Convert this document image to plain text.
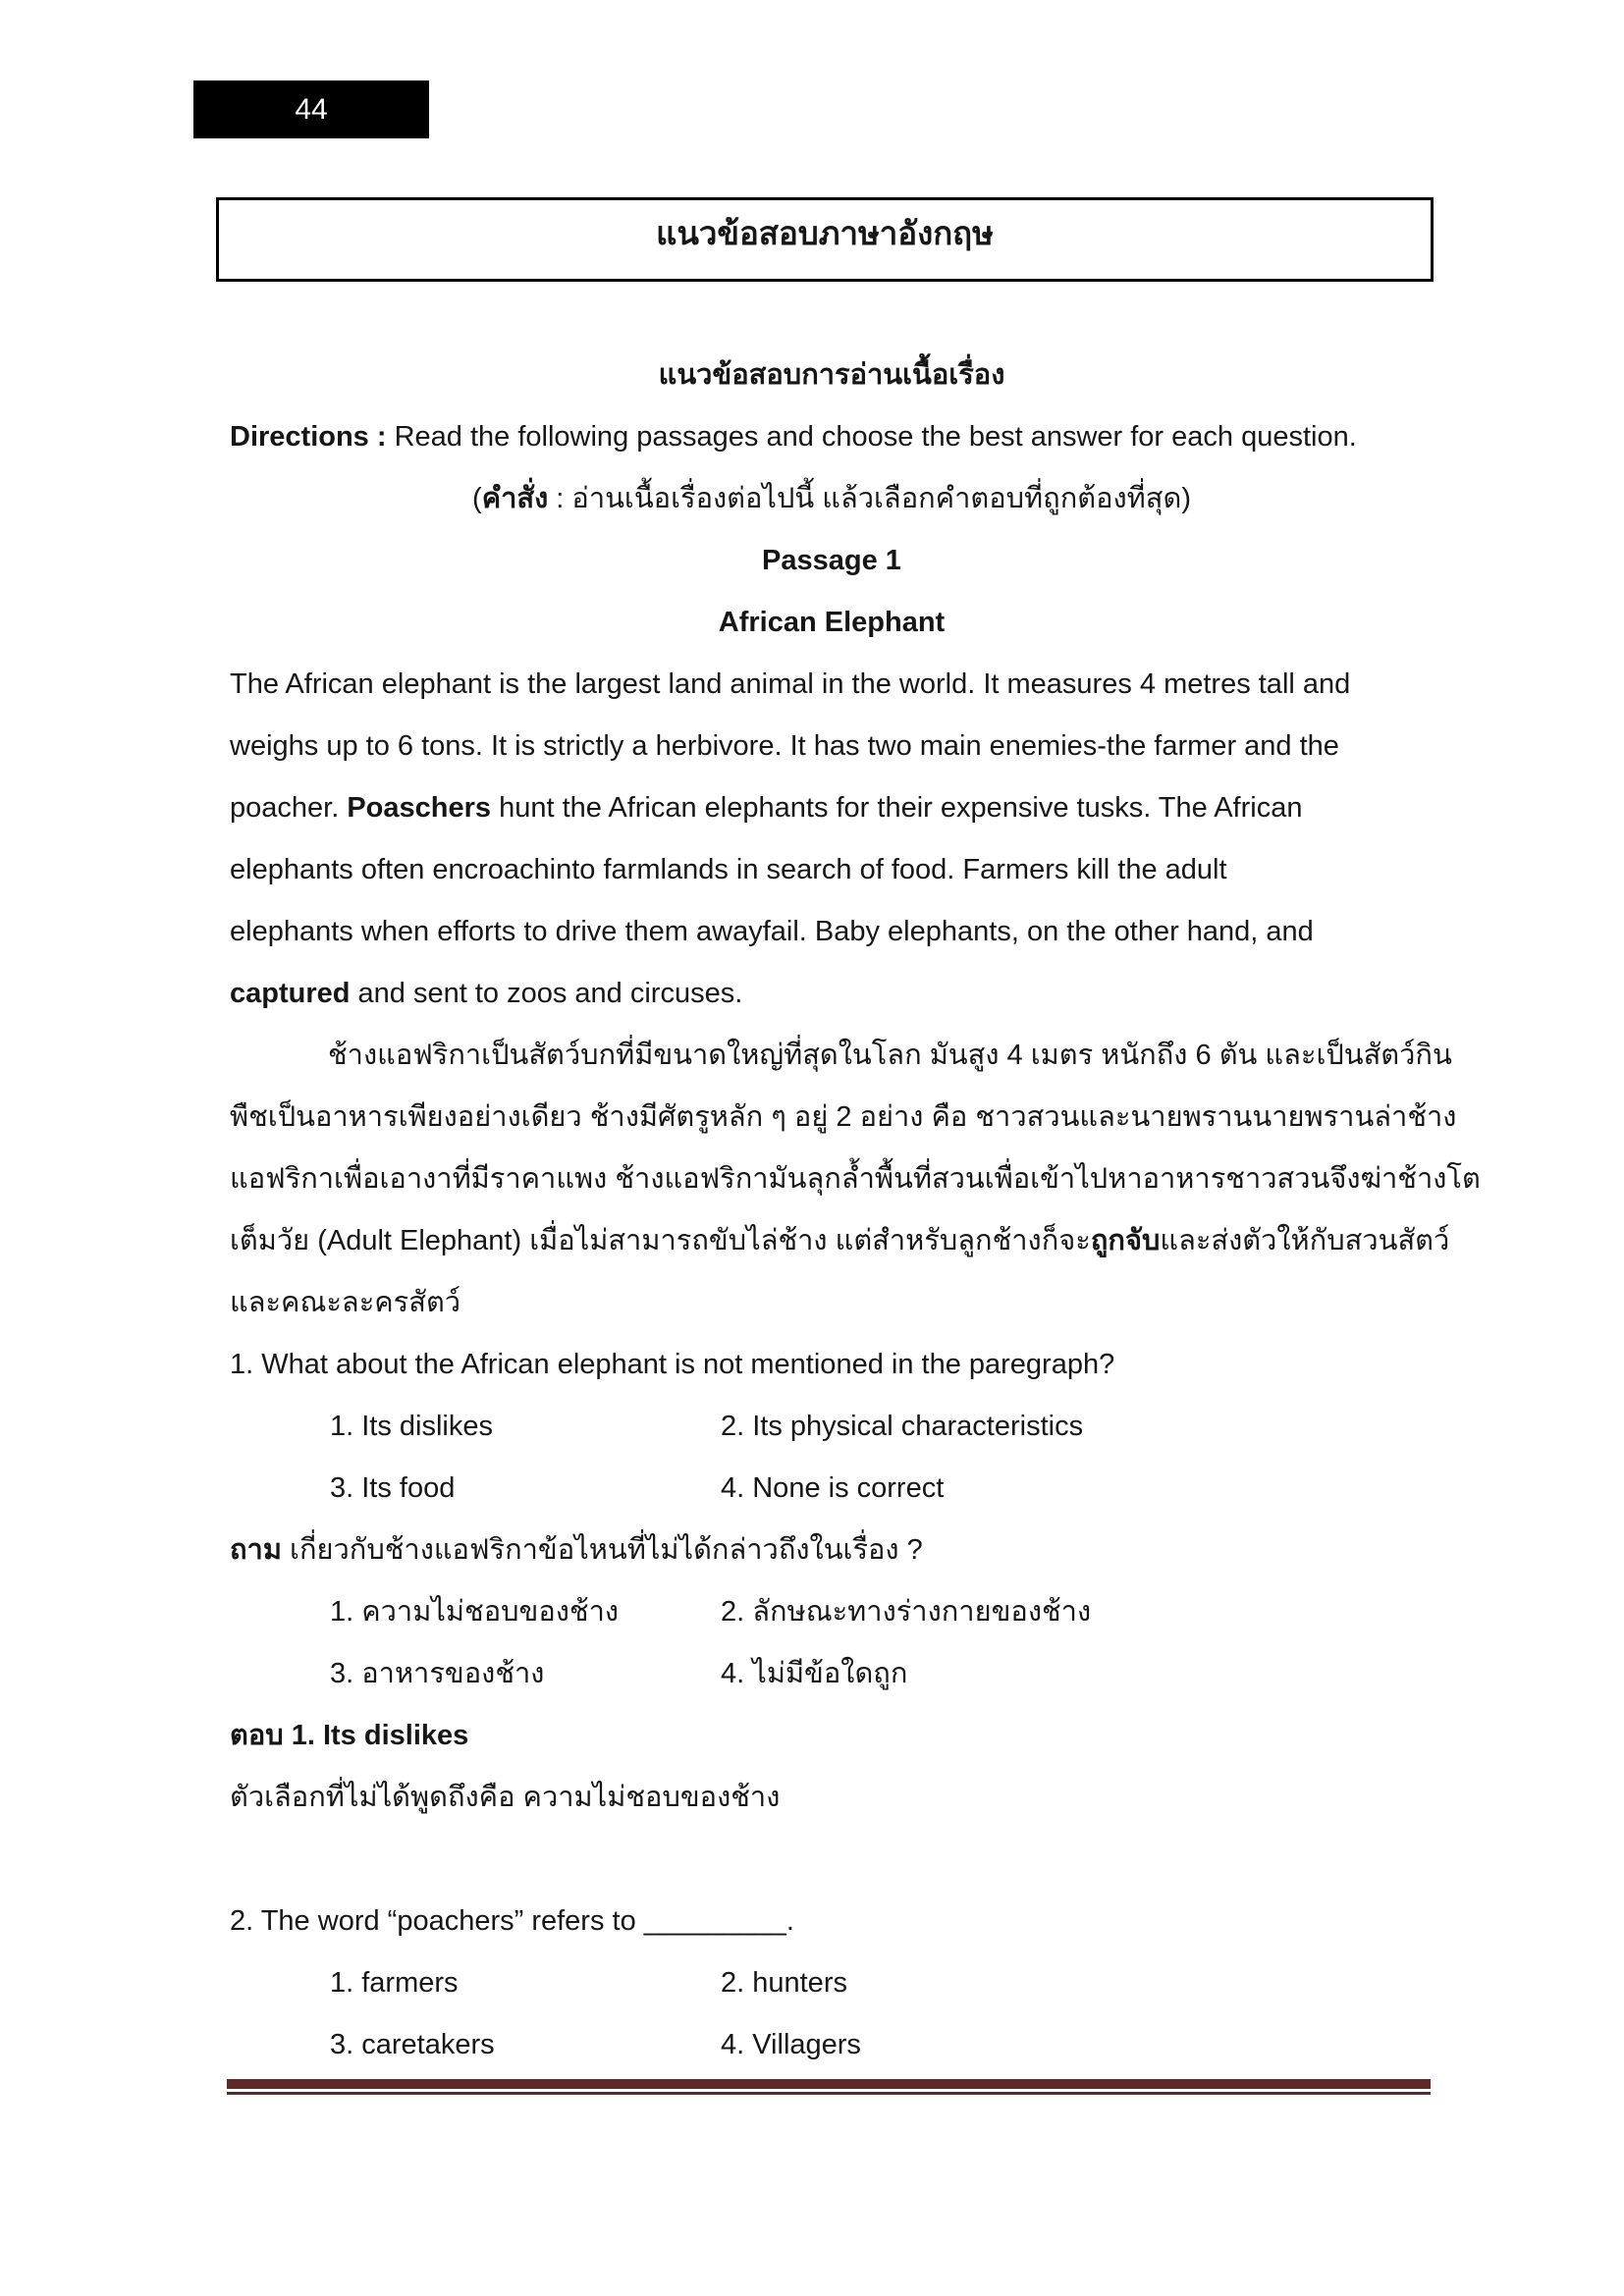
44
แนวข้อสอบภาษาอังกฤษ
แนวข้อสอบการอ่านเนื้อเรื่อง
Directions : Read the following passages and choose the best answer for each question.
(คำสั่ง : อ่านเนื้อเรื่องต่อไปนี้ แล้วเลือกคำตอบที่ถูกต้องที่สุด)
Passage 1
African Elephant
The African elephant is the largest land animal in the world. It measures 4 metres tall and
weighs up to 6 tons. It is strictly a herbivore. It has two main enemies-the farmer and the
poacher. Poaschers hunt the African elephants for their expensive tusks. The African
elephants often encroachinto farmlands in search of food. Farmers kill the adult
elephants when efforts to drive them awayfail. Baby elephants, on the other hand, and
captured and sent to zoos and circuses.
ช้างแอฟริกาเป็นสัตว์บกที่มีขนาดใหญ่ที่สุดในโลก มันสูง 4 เมตร หนักถึง 6 ตัน และเป็นสัตว์กิน
พืชเป็นอาหารเพียงอย่างเดียว ช้างมีศัตรูหลัก ๆ อยู่ 2 อย่าง คือ ชาวสวนและนายพรานนายพรานล่าช้าง
แอฟริกาเพื่อเอางาที่มีราคาแพง ช้างแอฟริกามันลุกล้ำพื้นที่สวนเพื่อเข้าไปหาอาหารชาวสวนจึงฆ่าช้างโต
เต็มวัย (Adult Elephant) เมื่อไม่สามารถขับไล่ช้าง แต่สำหรับลูกช้างก็จะถูกจับและส่งตัวให้กับสวนสัตว์
และคณะละครสัตว์
1. What about the African elephant is not mentioned in the paregraph?
1. Its dislikes	2. Its physical characteristics
3. Its food	4. None is correct
ถาม เกี่ยวกับช้างแอฟริกาข้อไหนที่ไม่ได้กล่าวถึงในเรื่อง ?
1. ความไม่ชอบของช้าง	2. ลักษณะทางร่างกายของช้าง
3. อาหารของช้าง	4. ไม่มีข้อใดถูก
ตอบ 1. Its dislikes
ตัวเลือกที่ไม่ได้พูดถึงคือ ความไม่ชอบของช้าง
2. The word “poachers” refers to _________.
1. farmers	2. hunters
3. caretakers	4. Villagers
